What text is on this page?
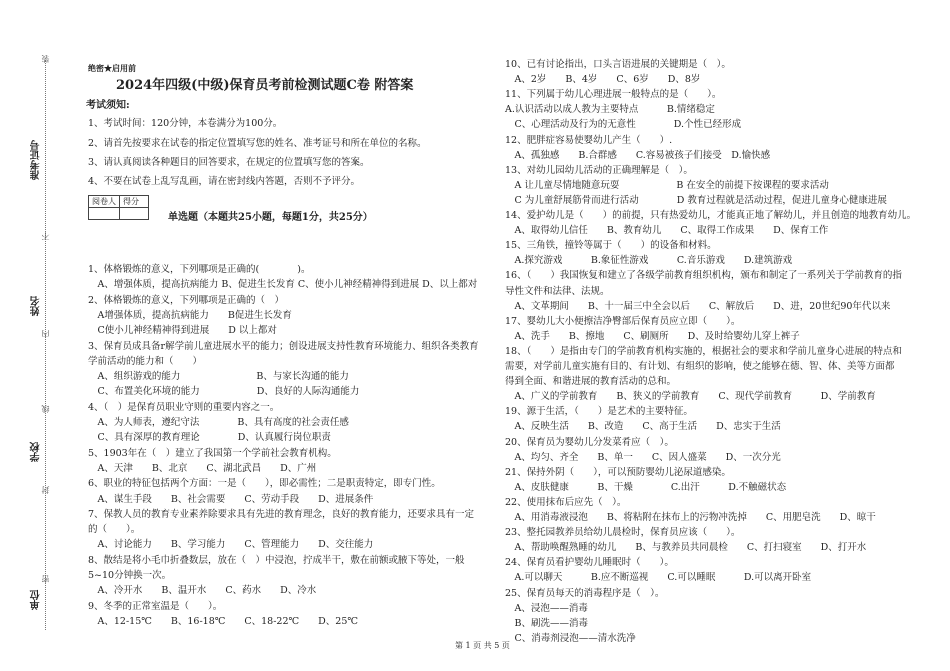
装
准考证号
不
姓名
内
线
学校
封
密
单位
绝密★启用前
2024年四级(中级)保育员考前检测试题C卷 附答案
考试须知:
1、考试时间：120分钟，本卷满分为100分。
2、请首先按要求在试卷的指定位置填写您的姓名、准考证号和所在单位的名称。
3、请认真阅读各种题目的回答要求，在规定的位置填写您的答案。
4、不要在试卷上乱写乱画，请在密封线内答题，否则不予评分。
阅卷人	得分

单选题（本题共25小题，每题1分，共25分）
1、体格锻炼的意义，下列哪项是正确的(　　　　)。
　A、增强体质，提高抗病能力 B、促进生长发育 C、使小儿神经精神得到进展 D、以上都对
2、体格锻炼的意义，下列哪项是正确的（　）
　A增强体质，提高抗病能力　　B促进生长发育
　C使小儿神经精神得到进展　　D 以上都对
3、保育员成具备r解学前儿童进展水平的能力；创设进展支持性教育环境能力、组织各类教育
学前活动的能力和（　　）
　A、组织游戏的能力　　　　　　　　B、与家长沟通的能力
　C、布置美化环境的能力　　　　　　D、良好的人际沟通能力
4、（　）是保育员职业守则的重要内容之一。
　A、为人师表，遵纪守法　　　　B、具有高度的社会责任感
　C、具有深厚的教育理论　　　　D、认真履行岗位职责
5、1903年在（　）建立了我国第一个学前社会教育机构。
　A、天津　　B、北京　　C、湖北武昌　　D、广州
6、职业的特征包括两个方面：一是（　　），即必需性；二是职责特定，即专门性。
　A、谋生手段　　B、社会需要　　C、劳动手段　　D、进展条件
7、保教人员的教育专业素养除要求具有先进的教育理念，良好的教育能力，还要求具有一定
的（　　）。
　A、讨论能力　　B、学习能力　　C、管理能力　　D、交往能力
8、散结是将小毛巾折叠数层，放在（　）中浸泡，拧成半干，敷在前额或腋下等处，一般
5~10分钟换一次。
　A、冷开水　　B、温开水　　C、药水　　D、冷水
9、冬季的正常室温是（　　）。
　A、12-15℃　　B、16-18℃　　C、18-22℃　　D、25℃
10、已有讨论指出，口头言语进展的关键期是（　）。
　A、2岁　　B、4岁　　C、6岁　　D、8岁
11、下列属于幼儿心理进展一般特点的是（　　）。
A.认识活动以成人教为主要特点　　　B.情绪稳定
　C、心理活动及行为的无意性　　　　D.个性已经形成
12、肥胖症容易使婴幼儿产生（　　）.
　A、孤独感　　B.合群感　　C.容易被孩子们接受　D.愉快感
13、对幼儿园幼儿活动的正确理解是（　）。
　A 让儿童尽情地随意玩耍　　　　　　B 在安全的前提下按课程的要求活动
　C 为儿童舒展筋骨而进行活动　　　　D 教育过程就是活动过程，促进儿童身心健康进展
14、爱护幼儿是（　　）的前提，只有热爱幼儿，才能真正地了解幼儿，并且创造的地教育幼儿。
　A、取得幼儿信任　　B、教育幼儿　　C、取得工作成果　　D、保育工作
15、三角铁，撞铃等属于（　　）的设备和材料。
　A.探究游戏　　　B.象征性游戏　　　C.音乐游戏　　D.建筑游戏
16、（　　）我国恢复和建立了各级学前教育组织机构，颁布和制定了一系列关于学前教育的指
导性文件和法律、法规。
　A、文革期间　　B、十一届三中全会以后　　C、解放后　　D、进，20世纪90年代以来
17、婴幼儿大小便擦洁净臀部后保育员应立即（　　）。
　A、洗手　　B、擦地　　C、刷厕所　　D、及时给婴幼儿穿上裤子
18、（　　）是指由专门的学前教育机构实施的，根据社会的要求和学前儿童身心进展的特点和
需要，对学前儿童实施有目的、有计划、有组织的影响，使之能够在德、智、体、美等方面都
得到全面、和谐进展的教育活动的总和。
　A、广义的学前教育　　B、狭义的学前教育　　C、现代学前教育　　　D、学前教育
19、源于生活，（　　）是艺术的主要特征。
　A、反映生活　　B、改造　　C、高于生活　　D、忠实于生活
20、保育员为婴幼儿分发菜肴应（　）。
　A、均匀、齐全　　B、单一　　C、因人盛菜　　D、一次分光
21、保持外阴（　　），可以预防婴幼儿泌尿道感染。
　A、皮肤健康　　　B、干燥　　　　C.出汗　　　D.不触磁状态
22、使用抹布后应先（　）。
　A、用消毒液浸泡　　B、将粘附在抹布上的污物冲洗掉　　C、用肥皂洗　　D、晾干
23、整托园教养员给幼儿晨检时，保育员应该（　　）。
　A、帮助唤醒熟睡的幼儿　　B、与教养员共同晨检　　C、打扫寝室　　D、打开水
24、保育员看护婴幼儿睡眠时（　　）。
　A.可以聊天　　　B.应不断巡视　　C.可以睡眠　　　D.可以离开卧室
25、保育员每天的消毒程序是（　）。
　A、浸泡——消毒
　B、刷洗——消毒
　C、消毒剂浸泡——清水洗净
第 1 页 共 5 页
